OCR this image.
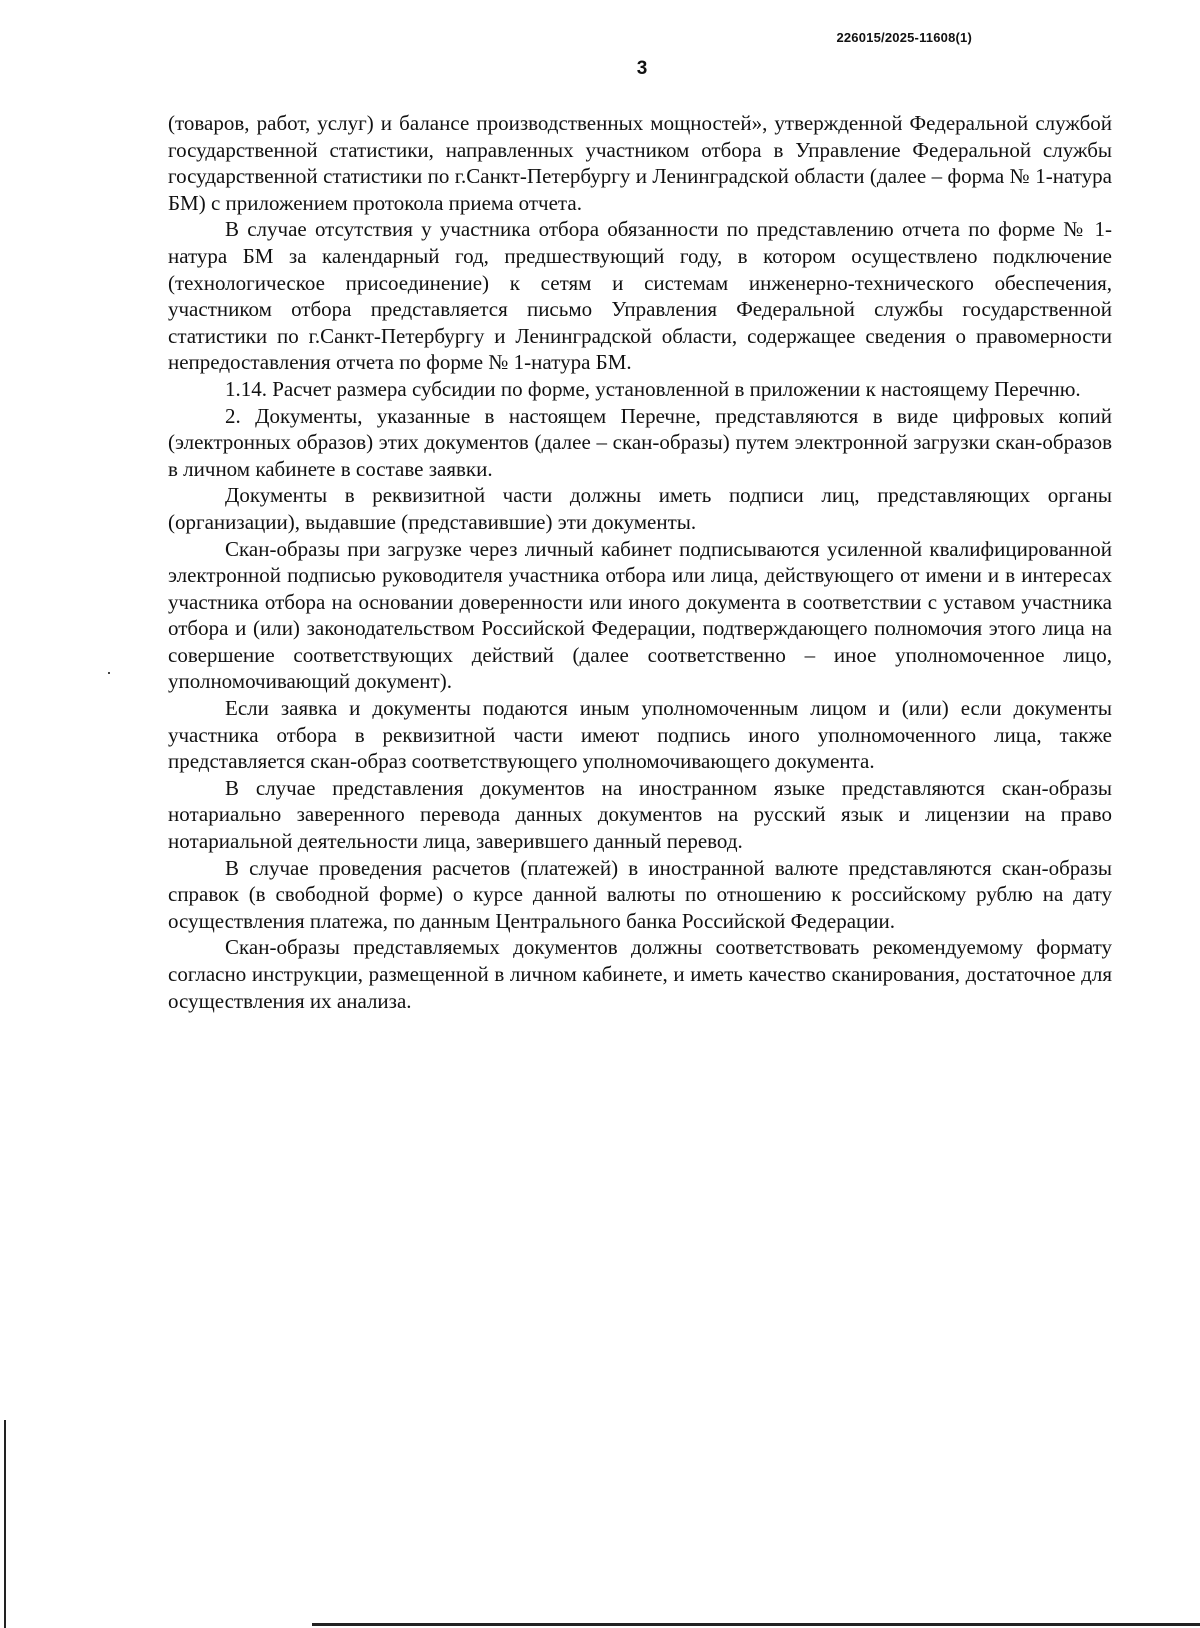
226015/2025-11608(1)
3

(товаров, работ, услуг) и балансе производственных мощностей», утвержденной Федеральной службой государственной статистики, направленных участником отбора в Управление Федеральной службы государственной статистики по г.Санкт-Петербургу и Ленинградской области (далее – форма № 1-натура БМ) с приложением протокола приема отчета.

В случае отсутствия у участника отбора обязанности по представлению отчета по форме № 1-натура БМ за календарный год, предшествующий году, в котором осуществлено подключение (технологическое присоединение) к сетям и системам инженерно-технического обеспечения, участником отбора представляется письмо Управления Федеральной службы государственной статистики по г.Санкт-Петербургу и Ленинградской области, содержащее сведения о правомерности непредоставления отчета по форме № 1-натура БМ.

1.14. Расчет размера субсидии по форме, установленной в приложении к настоящему Перечню.

2. Документы, указанные в настоящем Перечне, представляются в виде цифровых копий (электронных образов) этих документов (далее – скан-образы) путем электронной загрузки скан-образов в личном кабинете в составе заявки.

Документы в реквизитной части должны иметь подписи лиц, представляющих органы (организации), выдавшие (представившие) эти документы.

Скан-образы при загрузке через личный кабинет подписываются усиленной квалифицированной электронной подписью руководителя участника отбора или лица, действующего от имени и в интересах участника отбора на основании доверенности или иного документа в соответствии с уставом участника отбора и (или) законодательством Российской Федерации, подтверждающего полномочия этого лица на совершение соответствующих действий (далее соответственно – иное уполномоченное лицо, уполномочивающий документ).

Если заявка и документы подаются иным уполномоченным лицом и (или) если документы участника отбора в реквизитной части имеют подпись иного уполномоченного лица, также представляется скан-образ соответствующего уполномочивающего документа.

В случае представления документов на иностранном языке представляются скан-образы нотариально заверенного перевода данных документов на русский язык и лицензии на право нотариальной деятельности лица, заверившего данный перевод.

В случае проведения расчетов (платежей) в иностранной валюте представляются скан-образы справок (в свободной форме) о курсе данной валюты по отношению к российскому рублю на дату осуществления платежа, по данным Центрального банка Российской Федерации.

Скан-образы представляемых документов должны соответствовать рекомендуемому формату согласно инструкции, размещенной в личном кабинете, и иметь качество сканирования, достаточное для осуществления их анализа.
